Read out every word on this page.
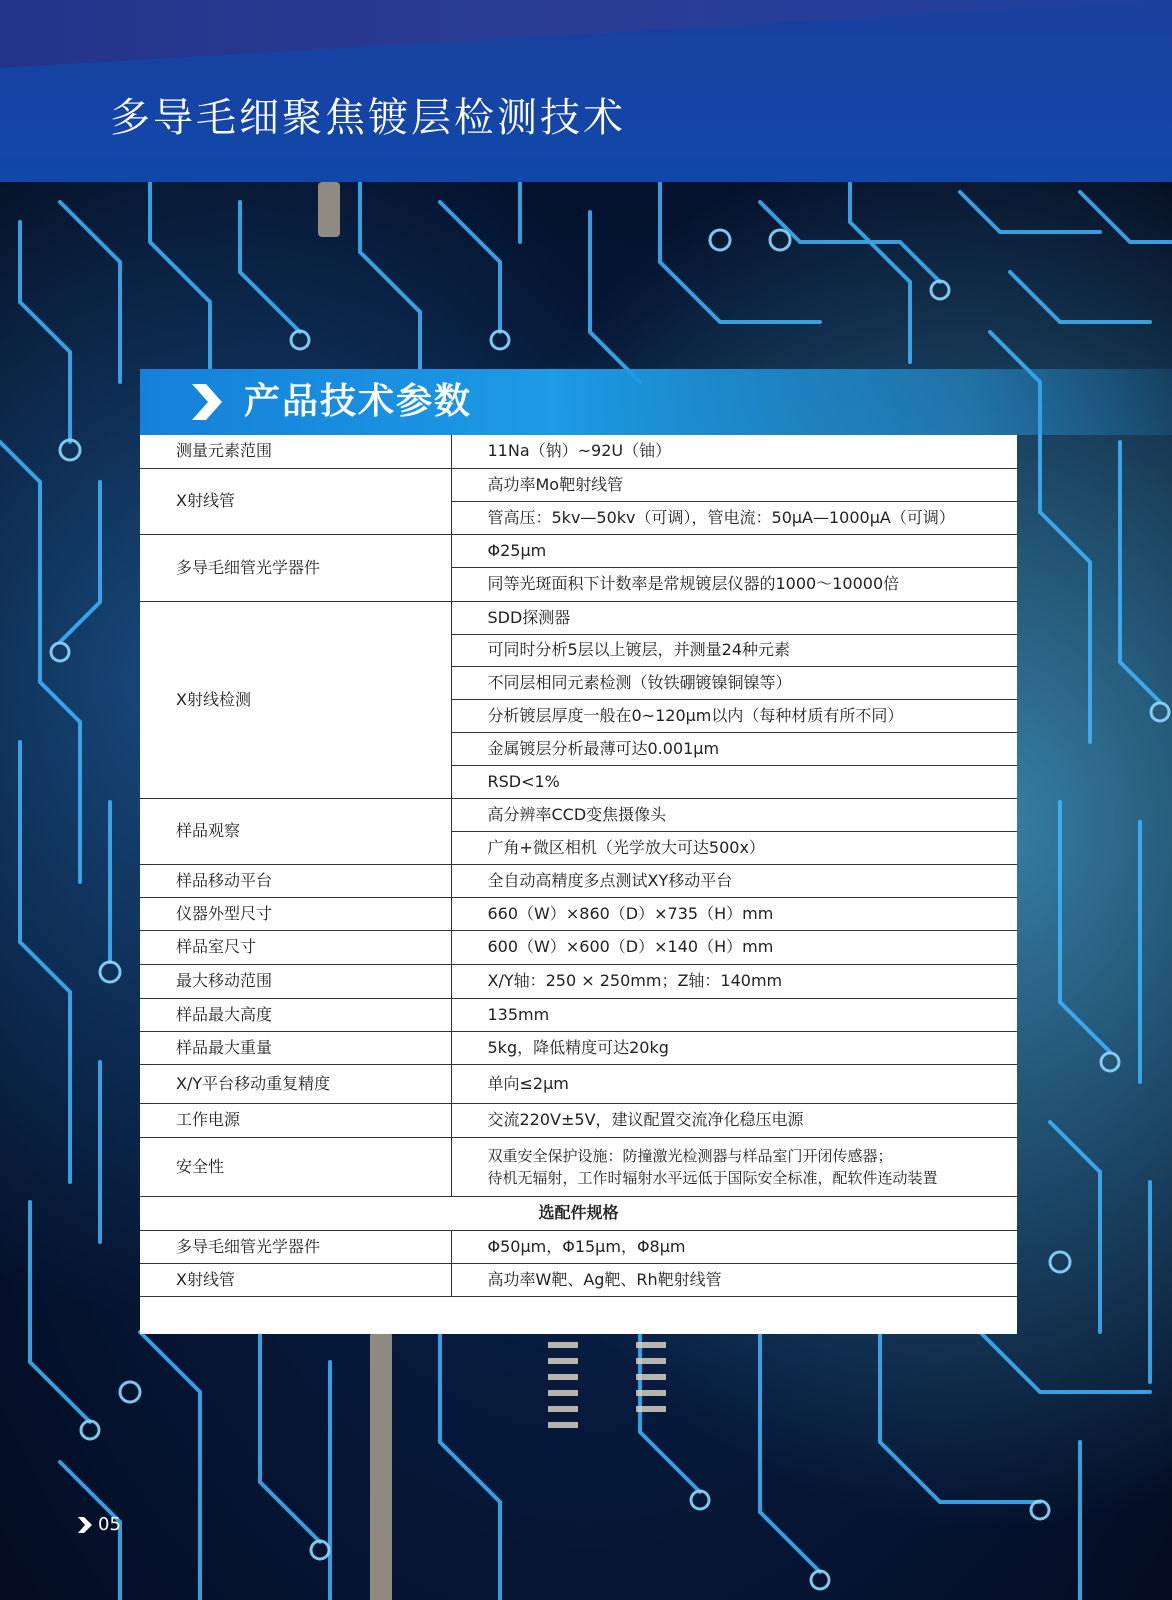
多导毛细聚焦镀层检测技术
产品技术参数
测量元素范围	11Na（钠）~92U（铀）
X射线管	高功率Mo靶射线管
	管高压：5kv—50kv（可调），管电流：50μA—1000μA（可调）
多导毛细管光学器件	Φ25μm
	同等光斑面积下计数率是常规镀层仪器的1000～10000倍
X射线检测	SDD探测器
	可同时分析5层以上镀层，并测量24种元素
	不同层相同元素检测（钕铁硼镀镍铜镍等）
	分析镀层厚度一般在0~120μm以内（每种材质有所不同）
	金属镀层分析最薄可达0.001μm
	RSD<1%
样品观察	高分辨率CCD变焦摄像头
	广角+微区相机（光学放大可达500x）
样品移动平台	全自动高精度多点测试XY移动平台
仪器外型尺寸	660（W）×860（D）×735（H）mm
样品室尺寸	600（W）×600（D）×140（H）mm
最大移动范围	X/Y轴：250 × 250mm；Z轴：140mm
样品最大高度	135mm
样品最大重量	5kg，降低精度可达20kg
X/Y平台移动重复精度	单向≤2μm
工作电源	交流220V±5V，建议配置交流净化稳压电源
安全性	双重安全保护设施：防撞激光检测器与样品室门开闭传感器；
待机无辐射，工作时辐射水平远低于国际安全标准，配软件连动装置

选配件规格	
多导毛细管光学器件	Φ50μm，Φ15μm，Φ8μm
X射线管	高功率W靶、Ag靶、Rh靶射线管

05
